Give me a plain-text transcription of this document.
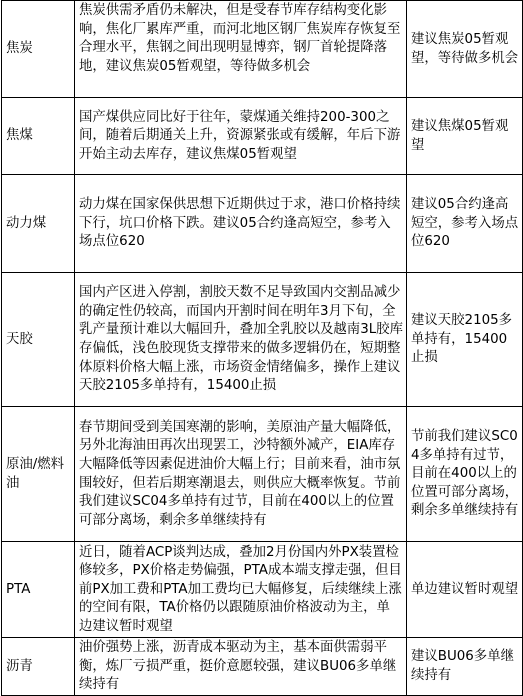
焦炭	焦炭供需矛盾仍未解决，但是受春节库存结构变化影响，焦化厂累库严重，而河北地区钢厂焦炭库存恢复至合理水平，焦钢之间出现明显博弈，钢厂首轮提降落地，建议焦炭05暂观望，等待做多机会	建议焦炭05暂观望，等待做多机会
焦煤	国产煤供应同比好于往年，蒙煤通关维持200-300之间，随着后期通关上升，资源紧张或有缓解，年后下游开始主动去库存，建议焦煤05暂观望	建议焦煤05暂观望
动力煤	动力煤在国家保供思想下近期供过于求，港口价格持续下行，坑口价格下跌。建议05合约逢高短空，参考入场点位620	建议05合约逢高短空，参考入场点位620
天胶	国内产区进入停割，割胶天数不足导致国内交割品减少的确定性仍较高，而国内开割时间在明年3月下旬，全乳产量预计难以大幅回升，叠加全乳胶以及越南3L胶库存偏低，浅色胶现货支撑带来的做多逻辑仍在，短期整体原料价格大幅上涨，市场资金情绪偏多，操作上建议天胶2105多单持有，15400止损	建议天胶2105多单持有，15400止损
原油/燃料油	春节期间受到美国寒潮的影响，美原油产量大幅降低，另外北海油田再次出现罢工，沙特额外减产，EIA库存大幅降低等因素促进油价大幅上行；目前来看，油市氛围较好，但若后期寒潮退去，则供应大概率恢复。节前我们建议SC04多单持有过节，目前在400以上的位置可部分离场，剩余多单继续持有	节前我们建议SC04多单持有过节，目前在400以上的位置可部分离场，剩余多单继续持有
PTA	近日，随着ACP谈判达成，叠加2月份国内外PX装置检修较多，PX价格走势偏强，PTA成本端支撑走强，但目前PX加工费和PTA加工费均已大幅修复，后续继续上涨的空间有限，TA价格仍以跟随原油价格波动为主，单边建议暂时观望	单边建议暂时观望
沥青	油价强势上涨，沥青成本驱动为主，基本面供需弱平衡，炼厂亏损严重，挺价意愿较强，建议BU06多单继续持有	建议BU06多单继续持有
